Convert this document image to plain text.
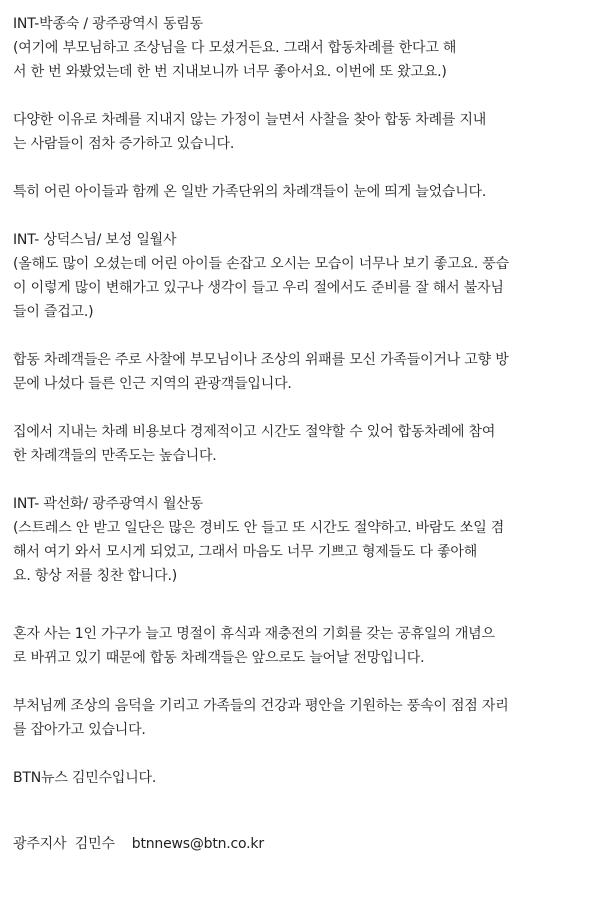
INT-박종숙 / 광주광역시 동림동
(여기에 부모님하고 조상님을 다 모셨거든요. 그래서 합동차례를 한다고 해
서 한 번 와봤었는데 한 번 지내보니까 너무 좋아서요. 이번에 또 왔고요.)
다양한 이유로 차례를 지내지 않는 가정이 늘면서 사찰을 찾아 합동 차례를 지내
는 사람들이 점차 증가하고 있습니다.
특히 어린 아이들과 함께 온 일반 가족단위의 차례객들이 눈에 띄게 늘었습니다.
INT- 상덕스님/ 보성 일월사
(올해도 많이 오셨는데 어린 아이들 손잡고 오시는 모습이 너무나 보기 좋고요. 풍습
이 이렇게 많이 변해가고 있구나 생각이 들고 우리 절에서도 준비를 잘 해서 불자님
들이 즐겁고.)
합동 차례객들은 주로 사찰에 부모님이나 조상의 위패를 모신 가족들이거나 고향 방
문에 나섰다 들른 인근 지역의 관광객들입니다.
집에서 지내는 차례 비용보다 경제적이고 시간도 절약할 수 있어 합동차례에 참여
한 차례객들의 만족도는 높습니다.
INT- 곽선화/ 광주광역시 월산동
(스트레스 안 받고 일단은 많은 경비도 안 들고 또 시간도 절약하고. 바람도 쏘일 겸
해서 여기 와서 모시게 되었고, 그래서 마음도 너무 기쁘고 형제들도 다 좋아해
요. 항상 저를 칭찬 합니다.)
혼자 사는 1인 가구가 늘고 명절이 휴식과 재충전의 기회를 갖는 공휴일의 개념으
로 바뀌고 있기 때문에 합동 차례객들은 앞으로도 늘어날 전망입니다.
부처님께 조상의 음덕을 기리고 가족들의 건강과 평안을 기원하는 풍속이 점점 자리
를 잡아가고 있습니다.
BTN뉴스 김민수입니다.
광주지사  김민수    btnnews@btn.co.kr
